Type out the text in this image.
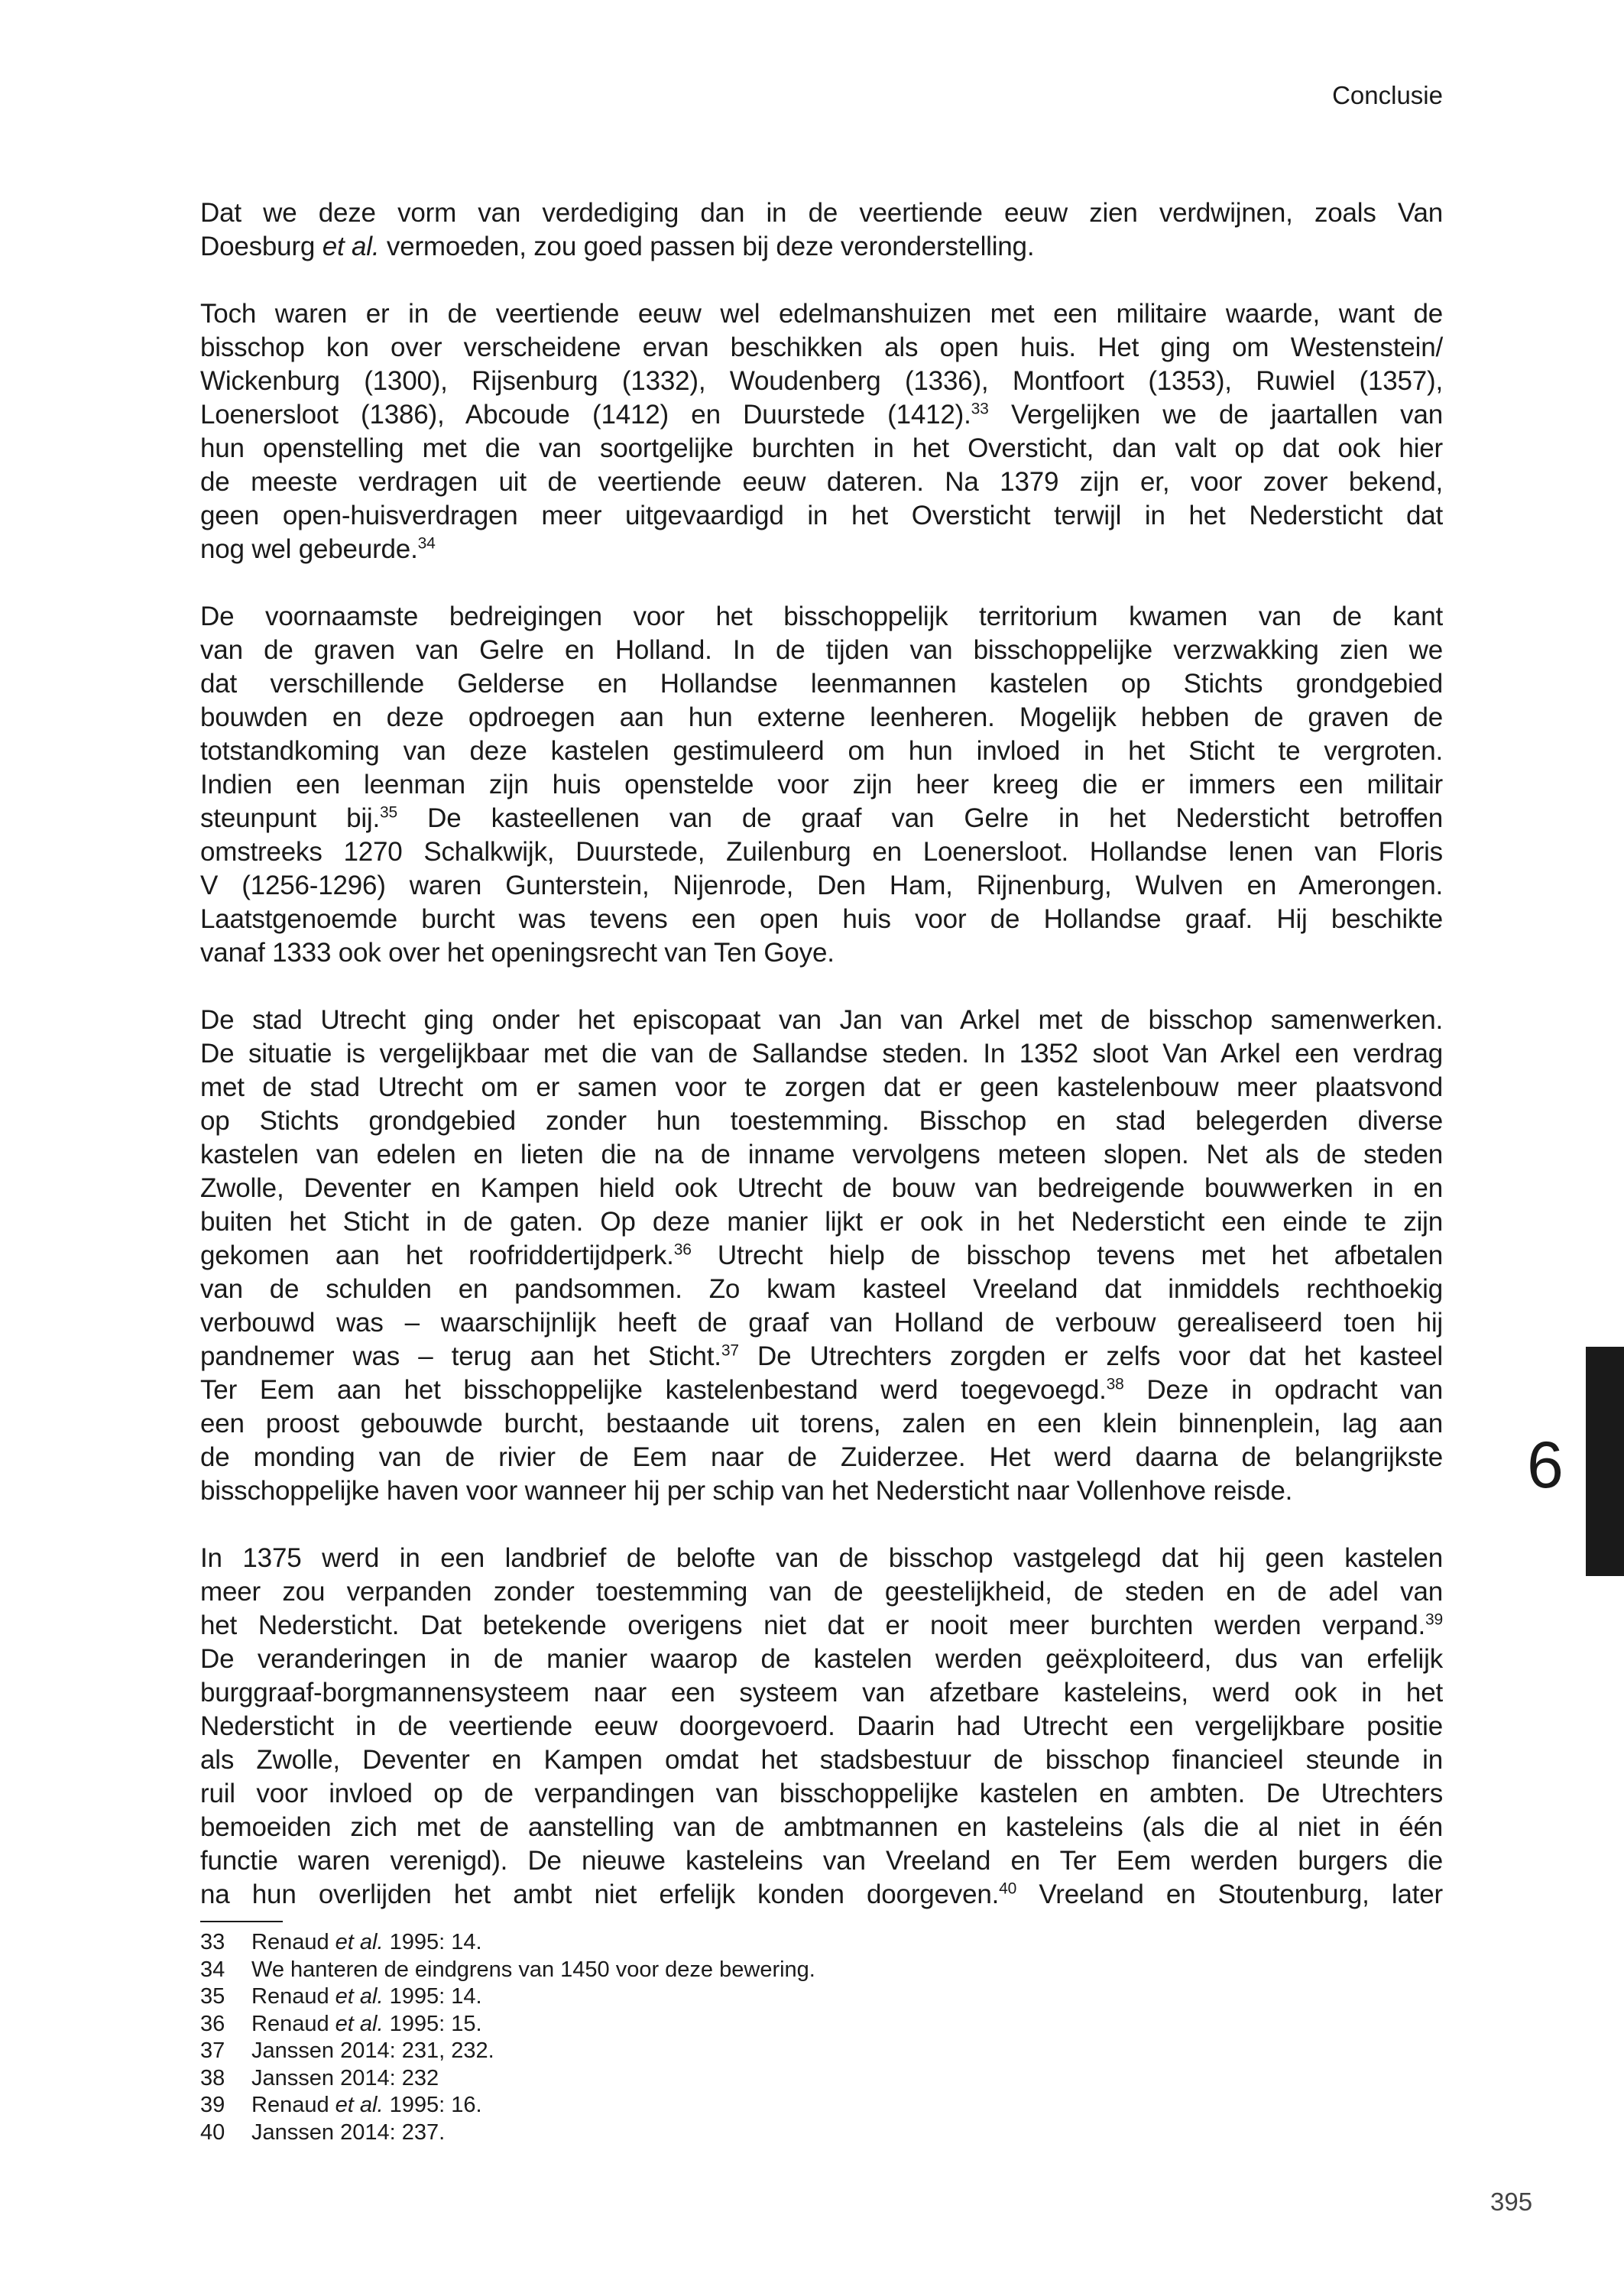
Conclusie
Dat we deze vorm van verdediging dan in de veertiende eeuw zien verdwijnen, zoals Van
Doesburg et al. vermoeden, zou goed passen bij deze veronderstelling.
Toch waren er in de veertiende eeuw wel edelmanshuizen met een militaire waarde, want de
bisschop kon over verscheidene ervan beschikken als open huis. Het ging om Westenstein/
Wickenburg (1300), Rijsenburg (1332), Woudenberg (1336), Montfoort (1353), Ruwiel (1357),
Loenersloot (1386), Abcoude (1412) en Duurstede (1412).$^{33}$ Vergelijken we de jaartallen van
hun openstelling met die van soortgelijke burchten in het Oversticht, dan valt op dat ook hier
de meeste verdragen uit de veertiende eeuw dateren. Na 1379 zijn er, voor zover bekend,
geen open-huisverdragen meer uitgevaardigd in het Oversticht terwijl in het Nedersticht dat
nog wel gebeurde.$^{34}$
De voornaamste bedreigingen voor het bisschoppelijk territorium kwamen van de kant
van de graven van Gelre en Holland. In de tijden van bisschoppelijke verzwakking zien we
dat verschillende Gelderse en Hollandse leenmannen kastelen op Stichts grondgebied
bouwden en deze opdroegen aan hun externe leenheren. Mogelijk hebben de graven de
totstandkoming van deze kastelen gestimuleerd om hun invloed in het Sticht te vergroten.
Indien een leenman zijn huis openstelde voor zijn heer kreeg die er immers een militair
steunpunt bij.$^{35}$ De kasteellenen van de graaf van Gelre in het Nedersticht betroffen
omstreeks 1270 Schalkwijk, Duurstede, Zuilenburg en Loenersloot. Hollandse lenen van Floris
V (1256-1296) waren Gunterstein, Nijenrode, Den Ham, Rijnenburg, Wulven en Amerongen.
Laatstgenoemde burcht was tevens een open huis voor de Hollandse graaf. Hij beschikte
vanaf 1333 ook over het openingsrecht van Ten Goye.
De stad Utrecht ging onder het episcopaat van Jan van Arkel met de bisschop samenwerken.
De situatie is vergelijkbaar met die van de Sallandse steden. In 1352 sloot Van Arkel een verdrag
met de stad Utrecht om er samen voor te zorgen dat er geen kastelenbouw meer plaatsvond
op Stichts grondgebied zonder hun toestemming. Bisschop en stad belegerden diverse
kastelen van edelen en lieten die na de inname vervolgens meteen slopen. Net als de steden
Zwolle, Deventer en Kampen hield ook Utrecht de bouw van bedreigende bouwwerken in en
buiten het Sticht in de gaten. Op deze manier lijkt er ook in het Nedersticht een einde te zijn
gekomen aan het roofriddertijdperk.$^{36}$ Utrecht hielp de bisschop tevens met het afbetalen
van de schulden en pandsommen. Zo kwam kasteel Vreeland dat inmiddels rechthoekig
verbouwd was – waarschijnlijk heeft de graaf van Holland de verbouw gerealiseerd toen hij
pandnemer was – terug aan het Sticht.$^{37}$ De Utrechters zorgden er zelfs voor dat het kasteel
Ter Eem aan het bisschoppelijke kastelenbestand werd toegevoegd.$^{38}$ Deze in opdracht van
een proost gebouwde burcht, bestaande uit torens, zalen en een klein binnenplein, lag aan
de monding van de rivier de Eem naar de Zuiderzee. Het werd daarna de belangrijkste
bisschoppelijke haven voor wanneer hij per schip van het Nedersticht naar Vollenhove reisde.
In 1375 werd in een landbrief de belofte van de bisschop vastgelegd dat hij geen kastelen
meer zou verpanden zonder toestemming van de geestelijkheid, de steden en de adel van
het Nedersticht. Dat betekende overigens niet dat er nooit meer burchten werden verpand.$^{39}$
De veranderingen in de manier waarop de kastelen werden geëxploiteerd, dus van erfelijk
burggraaf-borgmannensysteem naar een systeem van afzetbare kasteleins, werd ook in het
Nedersticht in de veertiende eeuw doorgevoerd. Daarin had Utrecht een vergelijkbare positie
als Zwolle, Deventer en Kampen omdat het stadsbestuur de bisschop financieel steunde in
ruil voor invloed op de verpandingen van bisschoppelijke kastelen en ambten. De Utrechters
bemoeiden zich met de aanstelling van de ambtmannen en kasteleins (als die al niet in één
functie waren verenigd). De nieuwe kasteleins van Vreeland en Ter Eem werden burgers die
na hun overlijden het ambt niet erfelijk konden doorgeven.$^{40}$ Vreeland en Stoutenburg, later
33 Renaud et al. 1995: 14.
34 We hanteren de eindgrens van 1450 voor deze bewering.
35 Renaud et al. 1995: 14.
36 Renaud et al. 1995: 15.
37 Janssen 2014: 231, 232.
38 Janssen 2014: 232
39 Renaud et al. 1995: 16.
40 Janssen 2014: 237.
6
395
